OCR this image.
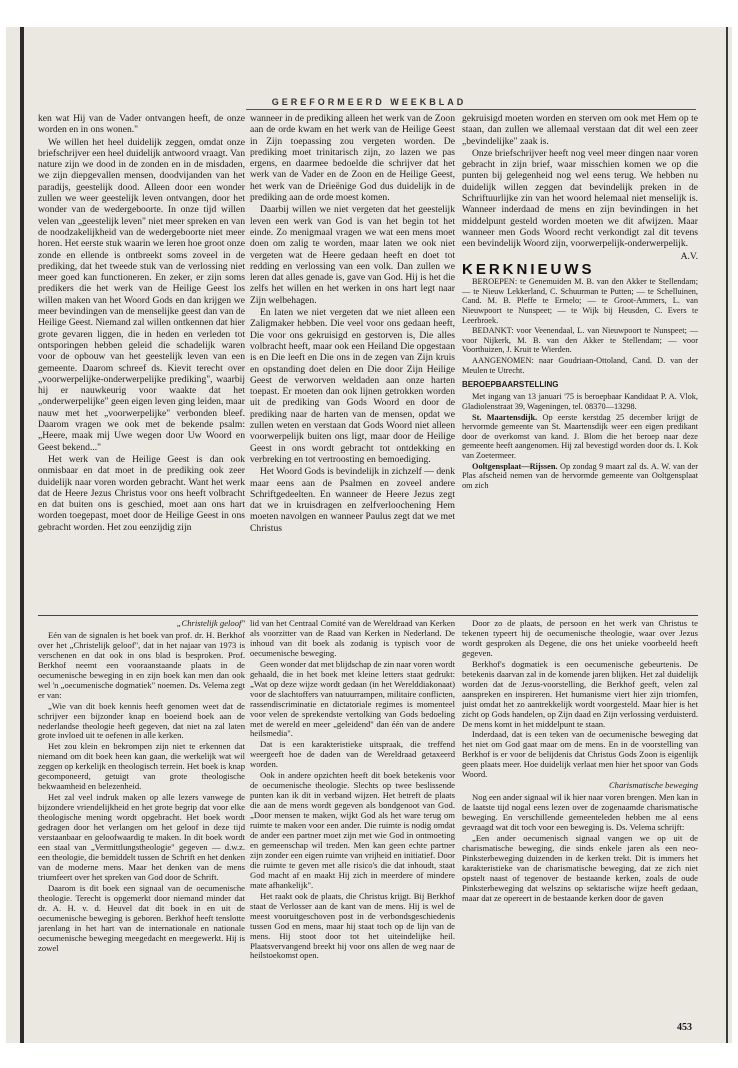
GEREFORMEERD WEEKBLAD

ken wat Hij van de Vader ontvangen heeft, de onze worden en in ons wonen."

We willen het heel duidelijk zeggen, omdat onze briefschrijver een heel duidelijk antwoord vraagt. Van nature zijn we dood in de zonden en in de misdaden, we zijn diepgevallen mensen, doodvijanden van het paradijs, geestelijk dood. Alleen door een wonder zullen we weer geestelijk leven ontvangen, door het wonder van de wedergeboorte. In onze tijd willen velen van „geestelijk leven" niet meer spreken en van de noodzakelijkheid van de wedergeboorte niet meer horen. Het eerste stuk waarin we leren hoe groot onze zonde en ellende is ontbreekt soms zoveel in de prediking, dat het tweede stuk van de verlossing niet meer goed kan functioneren. En zeker, er zijn soms predikers die het werk van de Heilige Geest los willen maken van het Woord Gods en dan krijgen we meer bevindingen van de menselijke geest dan van de Heilige Geest. Niemand zal willen ontkennen dat hier grote gevaren liggen, die in heden en verleden tot ontsporingen hebben geleid die schadelijk waren voor de opbouw van het geestelijk leven van een gemeente. Daarom schreef ds. Kievit terecht over „voorwerpelijke-onderwerpelijke prediking", waarbij hij er nauwkeurig voor waakte dat het „onderwerpelijke" geen eigen leven ging leiden, maar nauw met het „voorwerpelijke" verbonden bleef. Daarom vragen we ook met de bekende psalm: „Heere, maak mij Uwe wegen door Uw Woord en Geest bekend..."

Het werk van de Heilige Geest is dan ook onmisbaar en dat moet in de prediking ook zeer duidelijk naar voren worden gebracht. Want het werk dat de Heere Jezus Christus voor ons heeft volbracht en dat buiten ons is geschied, moet aan ons hart worden toegepast, moet door de Heilige Geest in ons gebracht worden. Het zou eenzijdig zijn

wanneer in de prediking alleen het werk van de Zoon aan de orde kwam en het werk van de Heilige Geest in Zijn toepassing zou vergeten worden. De prediking moet trinitarisch zijn, zo lazen we pas ergens, en daarmee bedoelde die schrijver dat het werk van de Vader en de Zoon en de Heilige Geest, het werk van de Drieënige God dus duidelijk in de prediking aan de orde moest komen.

Daarbij willen we niet vergeten dat het geestelijk leven een werk van God is van het begin tot het einde. Zo menigmaal vragen we wat een mens moet doen om zalig te worden, maar laten we ook niet vergeten wat de Heere gedaan heeft en doet tot redding en verlossing van een volk. Dan zullen we leren dat alles genade is, gave van God. Hij is het die zelfs het willen en het werken in ons hart legt naar Zijn welbehagen.

En laten we niet vergeten dat we niet alleen een Zaligmaker hebben. Die veel voor ons gedaan heeft, Die voor ons gekruisigd en gestorven is, Die alles volbracht heeft, maar ook een Heiland Die opgestaan is en Die leeft en Die ons in de zegen van Zijn kruis en opstanding doet delen en Die door Zijn Heilige Geest de verworven weldaden aan onze harten toepast. Er moeten dan ook lijnen getrokken worden uit de prediking van Gods Woord en door de prediking naar de harten van de mensen, opdat we zullen weten en verstaan dat Gods Woord niet alleen voorwerpelijk buiten ons ligt, maar door de Heilige Geest in ons wordt gebracht tot ontdekking en verbreking en tot vertroosting en bemoediging.

Het Woord Gods is bevindelijk in zichzelf — denk maar eens aan de Psalmen en zoveel andere Schriftgedeelten. En wanneer de Heere Jezus zegt dat we in kruisdragen en zelfverloochening Hem moeten navolgen en wanneer Paulus zegt dat we met Christus

gekruisigd moeten worden en sterven om ook met Hem op te staan, dan zullen we allemaal verstaan dat dit wel een zeer „bevindelijke" zaak is.

Onze briefschrijver heeft nog veel meer dingen naar voren gebracht in zijn brief, waar misschien komen we op die punten bij gelegenheid nog wel eens terug. We hebben nu duidelijk willen zeggen dat bevindelijk preken in de Schriftuurlijke zin van het woord helemaal niet menselijk is. Wanneer inderdaad de mens en zijn bevindingen in het middelpunt gesteld worden moeten we dit afwijzen. Maar wanneer men Gods Woord recht verkondigt zal dit tevens een bevindelijk Woord zijn, voorwerpelijk-onderwerpelijk.

A.V.
KERKNIEUWS

BEROEPEN: te Genemuiden M. B. van den Akker te Stellendam; — te Nieuw Lekkerland, C. Schuurman te Putten; — te Schelluinen, Cand. M. B. Pleffe te Ermelo; — te Groot-Ammers, L. van Nieuwpoort te Nunspeet; — te Wijk bij Heusden, C. Evers te Leerbroek.

BEDANKT: voor Veenendaal, L. van Nieuwpoort te Nunspeet; — voor Nijkerk, M. B. van den Akker te Stellendam; — voor Voorthuizen, J. Kruit te Wierden.

AANGENOMEN: naar Goudriaan-Ottoland, Cand. D. van der Meulen te Utrecht.

BEROEPBAARSTELLING

Met ingang van 13 januari '75 is beroepbaar Kandidaat P. A. Vlok, Gladiolenstraat 39, Wageningen, tel. 08370—13298.

St. Maartensdijk. Op eerste kerstdag 25 december krijgt de hervormde gemeente van St. Maartensdijk weer een eigen predikant door de overkomst van kand. J. Blom die het beroep naar deze gemeente heeft aangenomen. Hij zal bevestigd worden door ds. I. Kok van Zoetermeer.

Ooltgensplaat—Rijssen. Op zondag 9 maart zal ds. A. W. van der Plas afscheid nemen van de hervormde gemeente van Ooltgensplaat om zich

„Christelijk geloof"

Eén van de signalen is het boek van prof. dr. H. Berkhof over het „Christelijk geloof", dat in het najaar van 1973 is verschenen en dat ook in ons blad is besproken. Prof. Berkhof neemt een vooraanstaande plaats in de oecumenische beweging in en zijn boek kan men dan ook wel 'n „oecumenische dogmatiek" noemen. Ds. Velema zegt er van:

„Wie van dit boek kennis heeft genomen weet dat de schrijver een bijzonder knap en boeiend boek aan de nederlandse theologie heeft gegeven, dat niet na zal laten grote invloed uit te oefenen in alle kerken.

Het zou klein en bekrompen zijn niet te erkennen dat niemand om dit boek heen kan gaan, die werkelijk wat wil zeggen op kerkelijk en theologisch terrein. Het boek is knap gecomponeerd, getuigt van grote theologische bekwaamheid en belezenheid.

Het zal veel indruk maken op alle lezers vanwege de bijzondere vriendelijkheid en het grote begrip dat voor elke theologische mening wordt opgebracht. Het boek wordt gedragen door het verlangen om het geloof in deze tijd verstaanbaar en geloofwaardig te maken. In dit boek wordt een staal van „Vermittlungstheologie" gegeven — d.w.z. een theologie, die bemiddelt tussen de Schrift en het denken van de moderne mens. Maar het denken van de mens triumfeert over het spreken van God door de Schrift.

Daarom is dit boek een signaal van de oecumenische theologie. Terecht is opgemerkt door niemand minder dat dr. A. H. v. d. Heuvel dat dit boek in en uit de oecumenische beweging is geboren. Berkhof heeft tenslotte jarenlang in het hart van de internationale en nationale oecumenische beweging meegedacht en meegewerkt. Hij is zowel

lid van het Centraal Comité van de Wereldraad van Kerken als voorzitter van de Raad van Kerken in Nederland. De inhoud van dit boek als zodanig is typisch voor de oecumenische beweging.

Geen wonder dat met blijdschap de zin naar voren wordt gehaald, die in het boek met kleine letters staat gedrukt: „Wat op deze wijze wordt gedaan (in het Werelddiakonaat) voor de slachtoffers van natuurrampen, militaire conflicten, rassendiscriminatie en dictatoriale regimes is momenteel voor velen de sprekendste vertolking van Gods bedoeling met de wereld en meer „geleidend" dan één van de andere heilsmedia".

Dat is een karakteristieke uitspraak, die treffend weergeeft hoe de daden van de Wereldraad getaxeerd worden.

Ook in andere opzichten heeft dit boek betekenis voor de oecumenische theologie. Slechts op twee beslissende punten kan ik dit in verband wijzen. Het betreft de plaats die aan de mens wordt gegeven als bondgenoot van God. „Door mensen te maken, wijkt God als het ware terug om ruimte te maken voor een ander. Die ruimte is nodig omdat de ander een partner moet zijn met wie God in ontmoeting en gemeenschap wil treden. Men kan geen echte partner zijn zonder een eigen ruimte van vrijheid en initiatief. Door die ruimte te geven met alle risico's die dat inhoudt, staat God macht af en maakt Hij zich in meerdere of mindere mate afhankelijk".

Het raakt ook de plaats, die Christus krijgt. Bij Berkhof staat de Verlosser aan de kant van de mens. Hij is wel de meest vooruitgeschoven post in de verbondsgeschiedenis tussen God en mens, maar hij staat toch op de lijn van de mens. Hij stoot door tot het uiteindelijke heil. Plaatsvervangend breekt hij voor ons allen de weg naar de heilstoekomst open.

Door zo de plaats, de persoon en het werk van Christus te tekenen typeert hij de oecumenische theologie, waar over Jezus wordt gesproken als Degene, die ons het unieke voorbeeld heeft gegeven.

Berkhof's dogmatiek is een oecumenische gebeurtenis. De betekenis daarvan zal in de komende jaren blijken. Het zal duidelijk worden dat de Jezus-voorstelling, die Berkhof geeft, velen zal aanspreken en inspireren. Het humanisme viert hier zijn triomfen, juist omdat het zo aantrekkelijk wordt voorgesteld. Maar hier is het zicht op Gods handelen, op Zijn daad en Zijn verlossing verduisterd. De mens komt in het middelpunt te staan.

Inderdaad, dat is een teken van de oecumenische beweging dat het niet om God gaat maar om de mens. En in de voorstelling van Berkhof is er voor de belijdenis dat Christus Gods Zoon is eigenlijk geen plaats meer. Hoe duidelijk verlaat men hier het spoor van Gods Woord.

Charismatische beweging

Nog een ander signaal wil ik hier naar voren brengen. Men kan in de laatste tijd nogal eens lezen over de zogenaamde charismatische beweging. En verschillende gemeenteleden hebben me al eens gevraagd wat dit toch voor een beweging is. Ds. Velema schrijft:

„Een ander oecumenisch signaal vangen we op uit de charismatische beweging, die sinds enkele jaren als een neo-Pinksterbeweging duizenden in de kerken trekt. Dit is immers het karakteristieke van de charismatische beweging, dat ze zich niet opstelt naast of tegenover de bestaande kerken, zoals de oude Pinksterbeweging dat welszins op sektarische wijze heeft gedaan, maar dat ze opereert in de bestaande kerken door de gaven

453
